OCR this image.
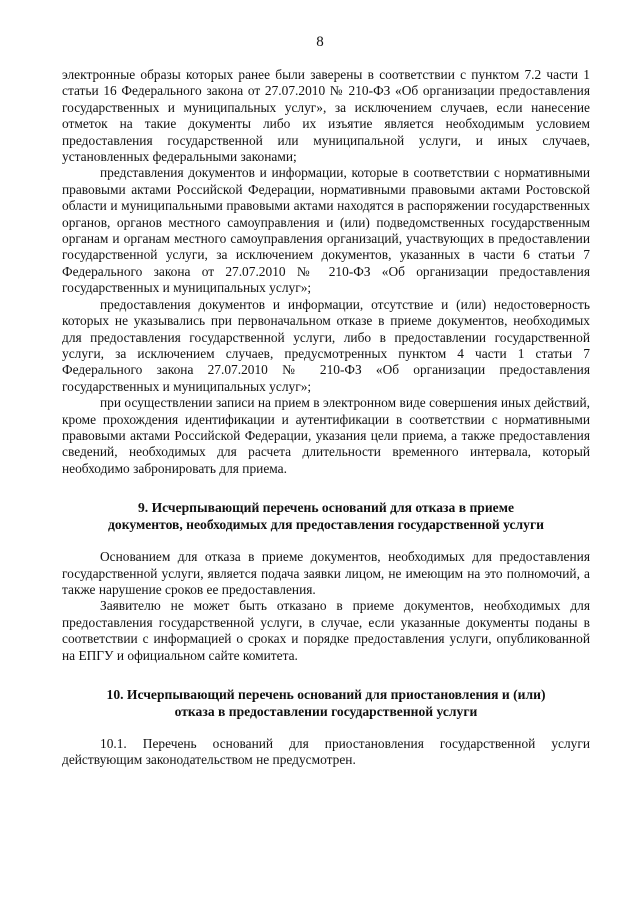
8

электронные образы которых ранее были заверены в соответствии с пунктом 7.2 части 1 статьи 16 Федерального закона от 27.07.2010 № 210-ФЗ «Об организации предоставления государственных и муниципальных услуг», за исключением случаев, если нанесение отметок на такие документы либо их изъятие является необходимым условием предоставления государственной или муниципальной услуги, и иных случаев, установленных федеральными законами;

представления документов и информации, которые в соответствии с нормативными правовыми актами Российской Федерации, нормативными правовыми актами Ростовской области и муниципальными правовыми актами находятся в распоряжении государственных органов, органов местного самоуправления и (или) подведомственных государственным органам и органам местного самоуправления организаций, участвующих в предоставлении государственной услуги, за исключением документов, указанных в части 6 статьи 7 Федерального закона от 27.07.2010 № 210-ФЗ «Об организации предоставления государственных и муниципальных услуг»;

предоставления документов и информации, отсутствие и (или) недостоверность которых не указывались при первоначальном отказе в приеме документов, необходимых для предоставления государственной услуги, либо в предоставлении государственной услуги, за исключением случаев, предусмотренных пунктом 4 части 1 статьи 7 Федерального закона 27.07.2010 № 210-ФЗ «Об организации предоставления государственных и муниципальных услуг»;

при осуществлении записи на прием в электронном виде совершения иных действий, кроме прохождения идентификации и аутентификации в соответствии с нормативными правовыми актами Российской Федерации, указания цели приема, а также предоставления сведений, необходимых для расчета длительности временного интервала, который необходимо забронировать для приема.

9. Исчерпывающий перечень оснований для отказа в приеме

документов, необходимых для предоставления государственной услуги

Основанием для отказа в приеме документов, необходимых для предоставления государственной услуги, является подача заявки лицом, не имеющим на это полномочий, а также нарушение сроков ее предоставления.

Заявителю не может быть отказано в приеме документов, необходимых для предоставления государственной услуги, в случае, если указанные документы поданы в соответствии с информацией о сроках и порядке предоставления услуги, опубликованной на ЕПГУ и официальном сайте комитета.

10. Исчерпывающий перечень оснований для приостановления и (или)

отказа в предоставлении государственной услуги

10.1. Перечень оснований для приостановления государственной услуги действующим законодательством не предусмотрен.
